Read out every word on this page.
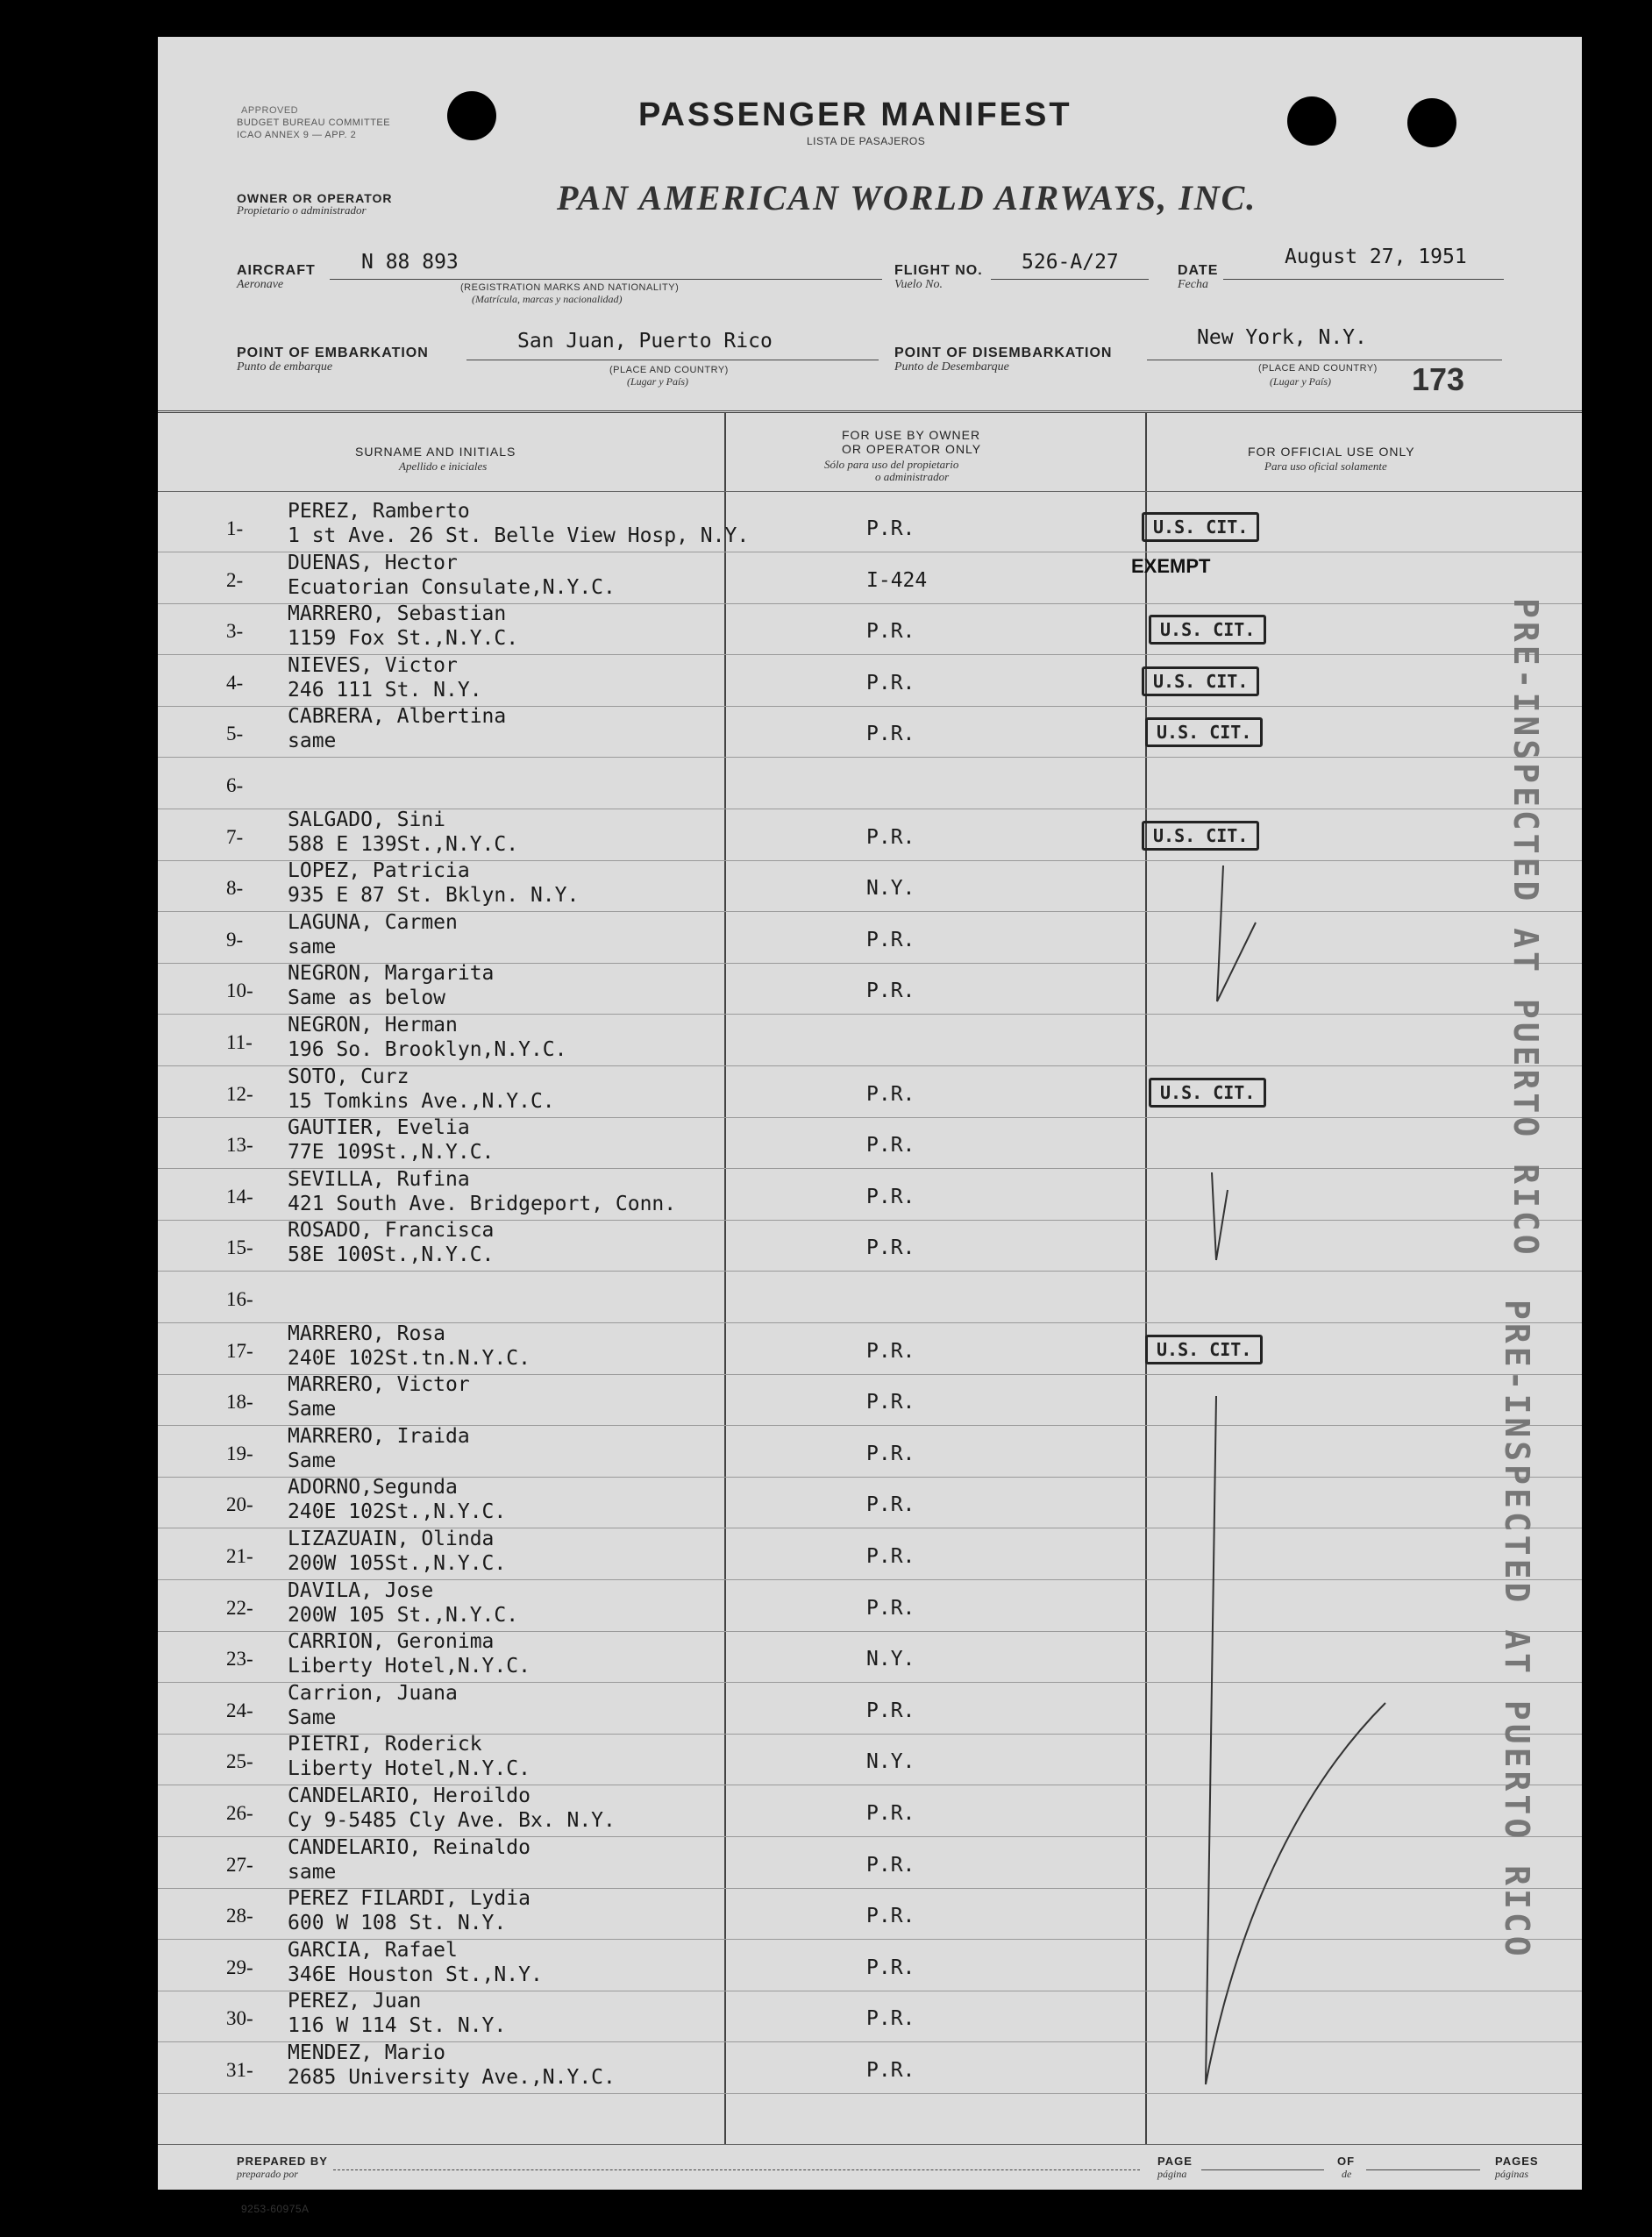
APPROVED
BUDGET BUREAU COMMITTEE
ICAO ANNEX 9 — APP. 2
PASSENGER MANIFEST
LISTA DE PASAJEROS
OWNER OR OPERATOR
Propietario o administrador	PAN AMERICAN WORLD AIRWAYS, INC.
AIRCRAFT
Aeronave
N 88 893
(REGISTRATION MARKS AND NATIONALITY)
(Matrícula, marcas y nacionalidad)
FLIGHT NO.
Vuelo No.
526-A/27	DATE
Fecha
August 27, 1951
POINT OF EMBARKATION
Punto de embarque
San Juan, Puerto Rico
(PLACE AND COUNTRY)
(Lugar y País)
POINT OF DISEMBARKATION
Punto de Desembarque
New York, N.Y.
(PLACE AND COUNTRY)
(Lugar y País)	173
SURNAME AND INITIALS
Apellido e iniciales
FOR USE BY OWNER
OR OPERATOR ONLY
Sólo para uso del propietario
o administrador
FOR OFFICIAL USE ONLY
Para uso oficial solamente
1-
PEREZ, Ramberto
1 st Ave. 26 St. Belle View Hosp, N.Y.	P.R.	U.S. CIT.
2-
DUENAS, Hector
Ecuatorian Consulate,N.Y.C.	I-424
EXEMPT
3-
MARRERO, Sebastian
1159 Fox St.,N.Y.C.	P.R.	U.S. CIT.
4-
NIEVES, Victor
246 111 St. N.Y.	P.R.	U.S. CIT.
5-
CABRERA, Albertina
same	P.R.	U.S. CIT.
6-
7-
SALGADO, Sini
588 E 139St.,N.Y.C.	P.R.	U.S. CIT.
8-
LOPEZ, Patricia
935 E 87 St. Bklyn. N.Y.	N.Y.
9-
LAGUNA, Carmen
same	P.R.
10-
NEGRON, Margarita
Same as below	P.R.
11-
NEGRON, Herman
196 So. Brooklyn,N.Y.C.
12-
SOTO, Curz
15 Tomkins Ave.,N.Y.C.	P.R.	U.S. CIT.
13-
GAUTIER, Evelia
77E 109St.,N.Y.C.	P.R.
14-
SEVILLA, Rufina
421 South Ave. Bridgeport, Conn.	P.R.
15-
ROSADO, Francisca
58E 100St.,N.Y.C.	P.R.
16-
17-
MARRERO, Rosa
240E 102St.tn.N.Y.C.	P.R.	U.S. CIT.
18-
MARRERO, Victor
Same	P.R.
19-
MARRERO, Iraida
Same	P.R.
20-
ADORNO,Segunda
240E 102St.,N.Y.C.	P.R.
21-
LIZAZUAIN, Olinda
200W 105St.,N.Y.C.	P.R.
22-
DAVILA, Jose
200W 105 St.,N.Y.C.	P.R.
23-
CARRION, Geronima
Liberty Hotel,N.Y.C.	N.Y.
24-
Carrion, Juana
Same	P.R.
25-
PIETRI, Roderick
Liberty Hotel,N.Y.C.	N.Y.
26-
CANDELARIO, Heroildo
Cy 9-5485 Cly Ave. Bx. N.Y.	P.R.
27-
CANDELARIO, Reinaldo
same	P.R.
28-
PEREZ FILARDI, Lydia
600 W 108 St. N.Y.	P.R.
29-
GARCIA, Rafael
346E Houston St.,N.Y.	P.R.
30-
PEREZ, Juan
116 W 114 St. N.Y.	P.R.
31-
MENDEZ, Mario
2685 University Ave.,N.Y.C.	P.R.
PRE-INSPECTED AT PUERTO RICO
PRE-INSPECTED AT PUERTO RICO
PREPARED BY
preparado por
PAGE
página
OF
de
PAGES
páginas
9253-60975A
